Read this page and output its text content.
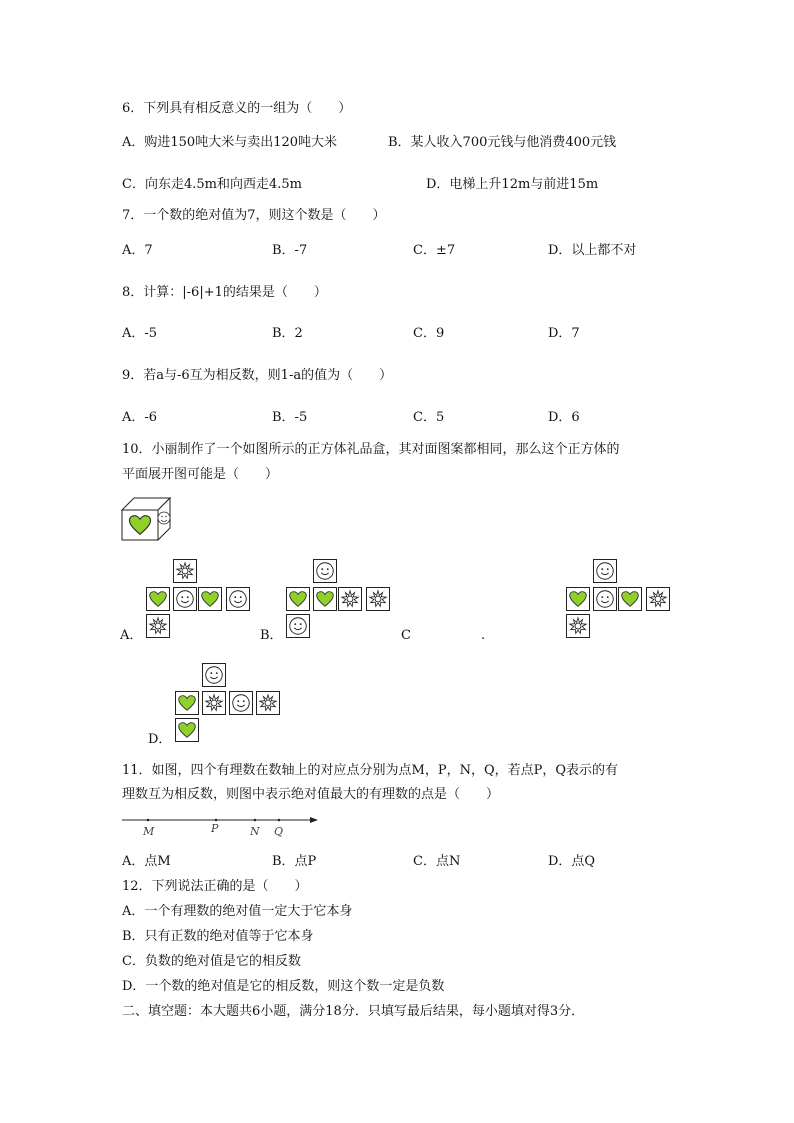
6．下列具有相反意义的一组为（　　）
A．购进150吨大米与卖出120吨大米	B．某人收入700元钱与他消费400元钱
C．向东走4.5m和向西走4.5m	D．电梯上升12m与前进15m
7．一个数的绝对值为7，则这个数是（　　）
A．7	B．-7	C．±7	D．以上都不对
8．计算：|-6|+1的结果是（　　）
A．-5	B．2	C．9	D．7
9．若a与-6互为相反数，则1-a的值为（　　）
A．-6	B．-5	C．5	D．6
10．小丽制作了一个如图所示的正方体礼品盒，其对面图案都相同，那么这个正方体的
平面展开图可能是（　　）
A．	B．	C	.
D．
11．如图，四个有理数在数轴上的对应点分别为点M，P，N，Q，若点P，Q表示的有
理数互为相反数，则图中表示绝对值最大的有理数的点是（　　）
M	P	N Q
A．点M	B．点P	C．点N	D．点Q
12．下列说法正确的是（　　）
A．一个有理数的绝对值一定大于它本身
B．只有正数的绝对值等于它本身
C．负数的绝对值是它的相反数
D．一个数的绝对值是它的相反数，则这个数一定是负数
二、填空题：本大题共6小题，满分18分．只填写最后结果，每小题填对得3分．
